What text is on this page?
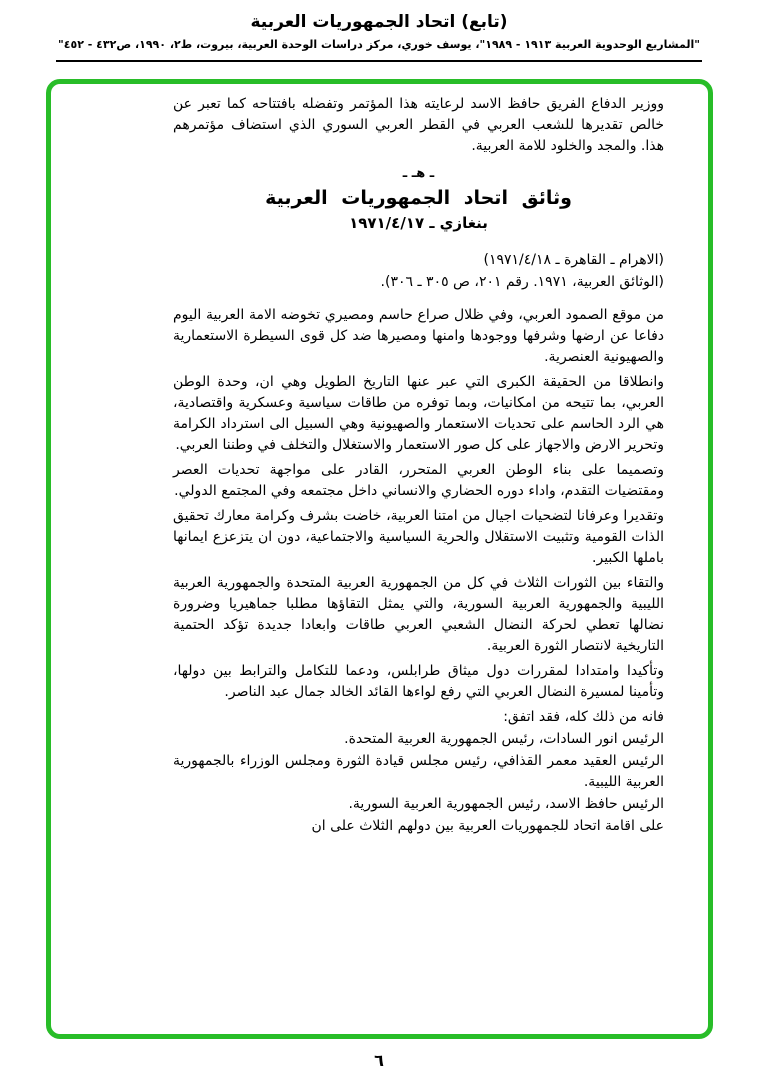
(تابع) اتحاد الجمهوريات العربية
"المشاريع الوحدوية العربية ١٩١٣ - ١٩٨٩"، يوسف خوري، مركز دراسات الوحدة العربية، بيروت، ط٢، ١٩٩٠، ص٤٣٢ - ٤٥٢"

ووزير الدفاع الفريق حافظ الاسد لرعايته هذا المؤتمر وتفضله بافتتاحه كما تعبر عن خالص تقديرها للشعب العربي في القطر العربي السوري الذي استضاف مؤتمرهم هذا. والمجد والخلود للامة العربية.

ـ هـ ـ
وثائق اتحاد الجمهوريات العربية
بنغازي ـ ١٩٧١/٤/١٧

(الاهرام ـ القاهرة ـ ١٩٧١/٤/١٨)

(الوثائق العربية، ١٩٧١. رقم ٢٠١، ص ٣٠٥ ـ ٣٠٦).

من موقع الصمود العربي، وفي ظلال صراع حاسم ومصيري تخوضه الامة العربية اليوم دفاعا عن ارضها وشرفها ووجودها وامنها ومصيرها ضد كل قوى السيطرة الاستعمارية والصهيونية العنصرية.

وانطلاقا من الحقيقة الكبرى التي عبر عنها التاريخ الطويل وهي ان، وحدة الوطن العربي، بما تتيحه من امكانيات، وبما توفره من طاقات سياسية وعسكرية واقتصادية، هي الرد الحاسم على تحديات الاستعمار والصهيونية وهي السبيل الى استرداد الكرامة وتحرير الارض والاجهاز على كل صور الاستعمار والاستغلال والتخلف في وطننا العربي.

وتصميما على بناء الوطن العربي المتحرر، القادر على مواجهة تحديات العصر ومقتضيات التقدم، واداء دوره الحضاري والانساني داخل مجتمعه وفي المجتمع الدولي.

وتقديرا وعرفانا لتضحيات اجيال من امتنا العربية، خاضت بشرف وكرامة معارك تحقيق الذات القومية وتثبيت الاستقلال والحرية السياسية والاجتماعية، دون ان يتزعزع ايمانها باملها الكبير.

والتقاء بين الثورات الثلاث في كل من الجمهورية العربية المتحدة والجمهورية العربية الليبية والجمهورية العربية السورية، والتي يمثل التقاؤها مطلبا جماهيريا وضرورة نضالها تعطي لحركة النضال الشعبي العربي طاقات وابعادا جديدة تؤكد الحتمية التاريخية لانتصار الثورة العربية.

وتأكيدا وامتدادا لمقررات دول ميثاق طرابلس، ودعما للتكامل والترابط بين دولها، وتأمينا لمسيرة النضال العربي التي رفع لواءها القائد الخالد جمال عبد الناصر.

فانه من ذلك كله، فقد اتفق:

الرئيس انور السادات، رئيس الجمهورية العربية المتحدة.

الرئيس العقيد معمر القذافي، رئيس مجلس قيادة الثورة ومجلس الوزراء بالجمهورية العربية الليبية.

الرئيس حافظ الاسد، رئيس الجمهورية العربية السورية.

على اقامة اتحاد للجمهوريات العربية بين دولهم الثلاث على ان

٦
